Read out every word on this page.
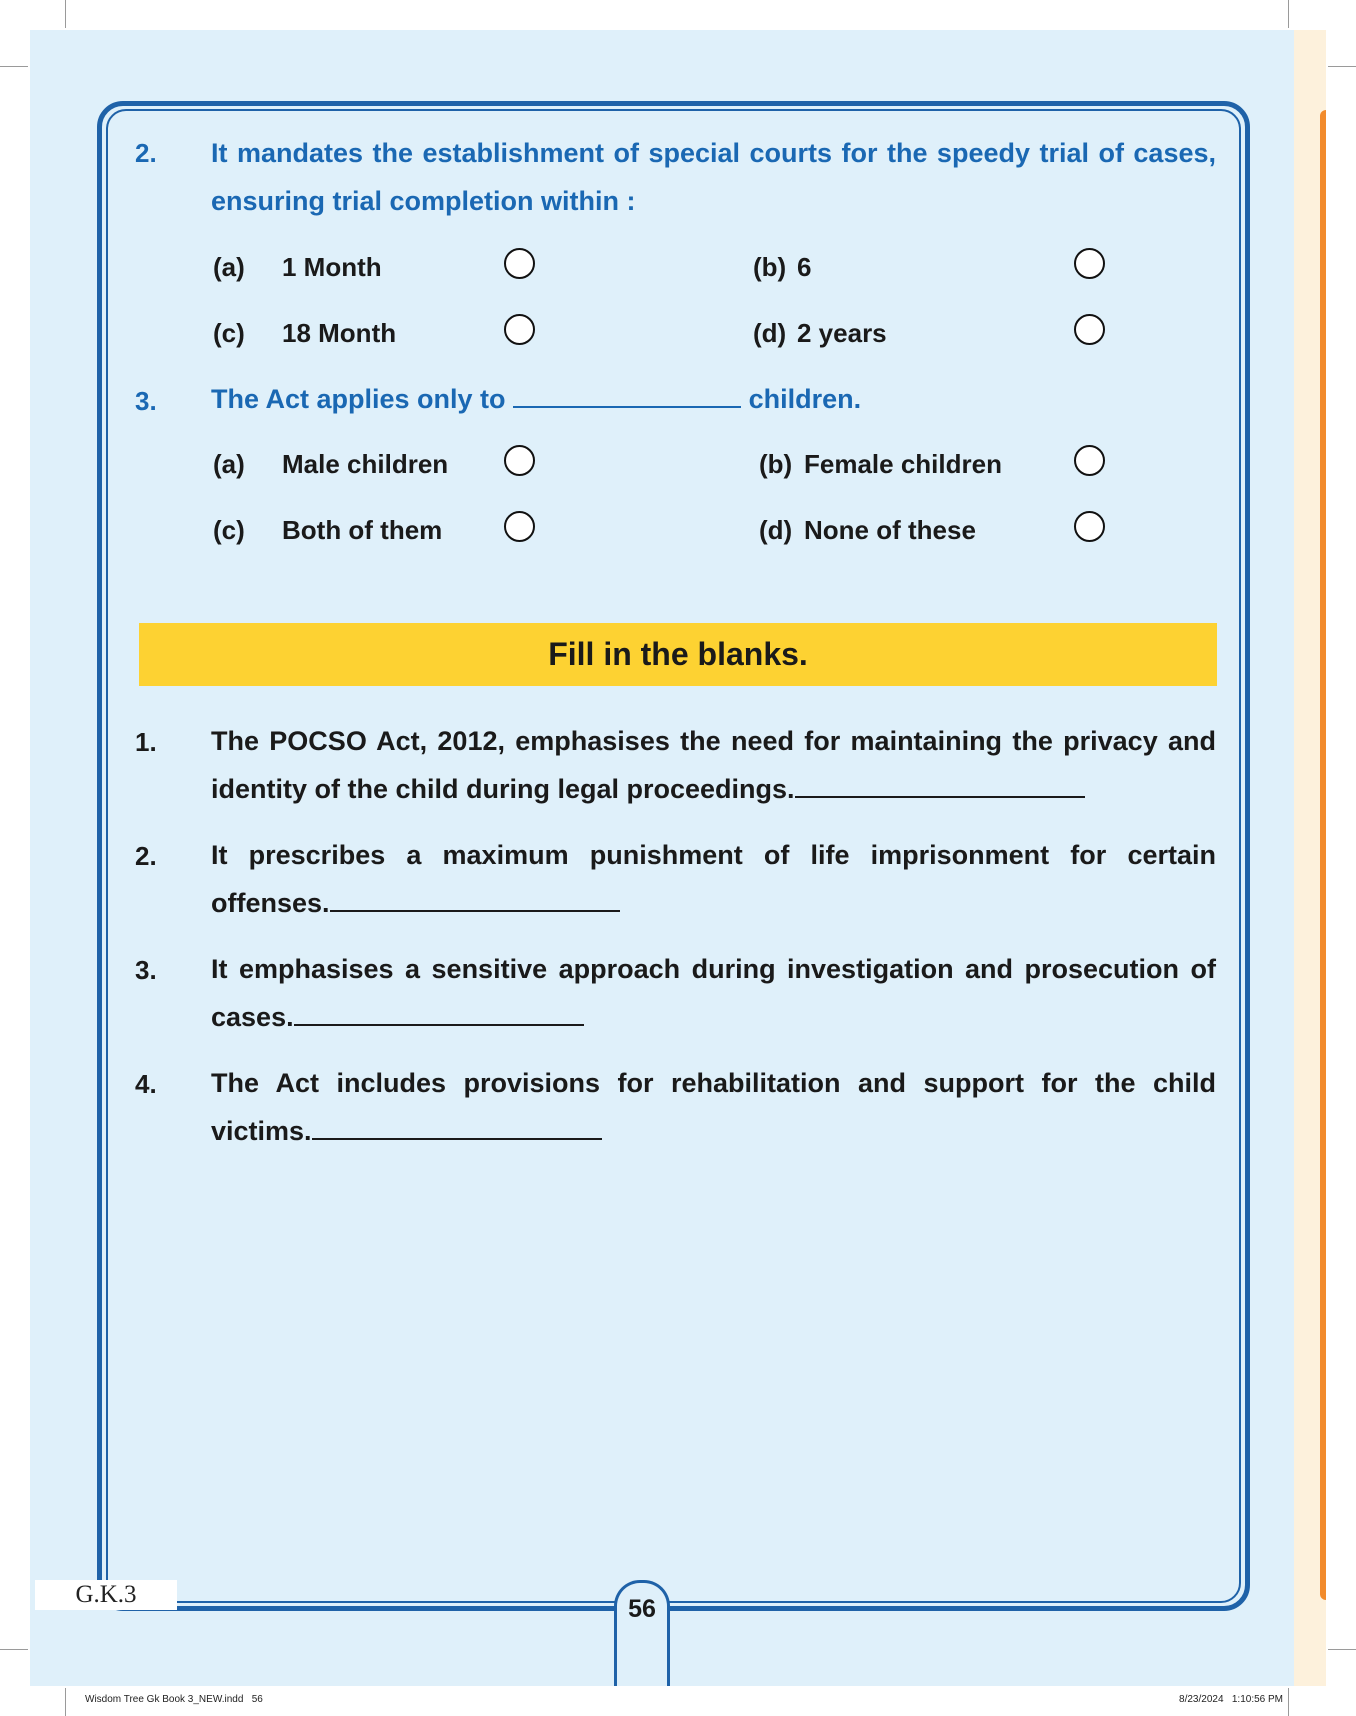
2. It mandates the establishment of special courts for the speedy trial of cases, ensuring trial completion within :
(a) 1 Month	(b) 6
(c) 18 Month	(d) 2 years
3. The Act applies only to	children.
(a) Male children	(b) Female children
(c) Both of them	(d) None of these
Fill in the blanks.
1. The POCSO Act, 2012, emphasises the need for maintaining the privacy and identity of the child during legal proceedings.
2. It prescribes a maximum punishment of life imprisonment for certain offenses.
3. It emphasises a sensitive approach during investigation and prosecution of cases.
4. The Act includes provisions for rehabilitation and support for the child victims.
G.K.3
56
Wisdom Tree Gk Book 3_NEW.indd   56	8/23/2024   1:10:56 PM
